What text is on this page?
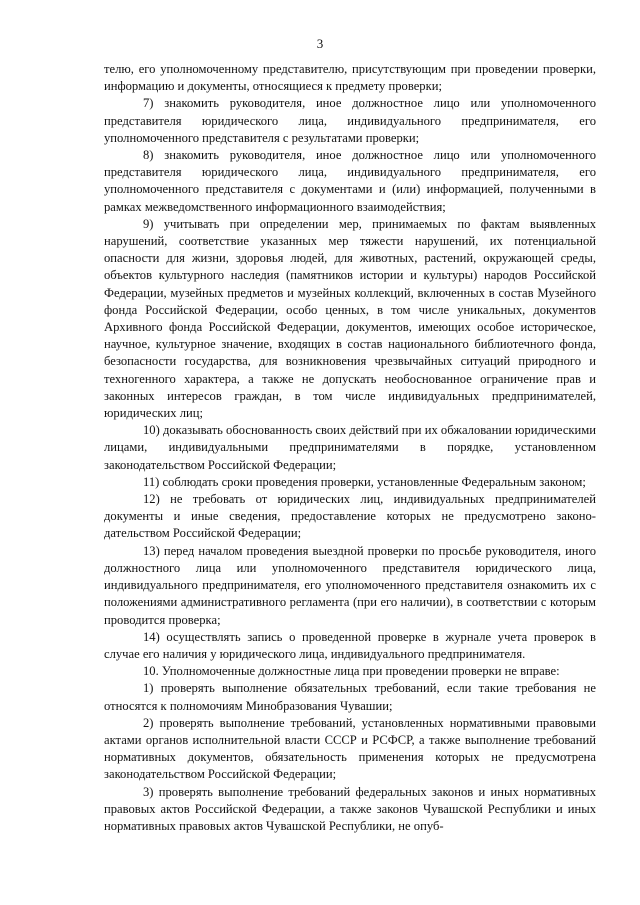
3

телю, его уполномоченному представителю, присутствующим при проведении проверки, информацию и документы, относящиеся к предмету проверки;

7) знакомить руководителя, иное должностное лицо или уполномоченного представителя юридического лица, индивидуального предпринимателя, его уполномоченного представителя с результатами проверки;

8) знакомить руководителя, иное должностное лицо или уполномоченного представителя юридического лица, индивидуального предпринимателя, его уполномоченного представителя с документами и (или) информацией, полученными в рамках межведомственного информационного взаимодействия;

9) учитывать при определении мер, принимаемых по фактам выявленных нарушений, соответствие указанных мер тяжести нарушений, их потенциальной опасности для жизни, здоровья людей, для животных, растений, окружающей среды, объектов культурного наследия (памятников истории и культуры) народов Российской Федерации, музейных предметов и музейных коллекций, включенных в состав Музейного фонда Российской Федерации, особо ценных, в том числе уникальных, документов Архивного фонда Российской Федерации, документов, имеющих особое историческое, научное, культурное значение, входящих в состав национального библиотечного фонда, безопасности государства, для возникновения чрезвычайных ситуаций природного и техногенного характера, а также не допускать необоснованное ограничение прав и законных интересов граждан, в том числе индивидуальных предпринимателей, юридических лиц;

10) доказывать обоснованность своих действий при их обжаловании юридическими лицами, индивидуальными предпринимателями в порядке, установленном законодательством Российской Федерации;

11) соблюдать сроки проведения проверки, установленные Федеральным законом;

12) не требовать от юридических лиц, индивидуальных предпринимателей документы и иные сведения, предоставление которых не предусмотрено законодательством Российской Федерации;

13) перед началом проведения выездной проверки по просьбе руководителя, иного должностного лица или уполномоченного представителя юридического лица, индивидуального предпринимателя, его уполномоченного представителя ознакомить их с положениями административного регламента (при его наличии), в соответствии с которым проводится проверка;

14) осуществлять запись о проведенной проверке в журнале учета проверок в случае его наличия у юридического лица, индивидуального предпринимателя.

10. Уполномоченные должностные лица при проведении проверки не вправе:

1) проверять выполнение обязательных требований, если такие требования не относятся к полномочиям Минобразования Чувашии;

2) проверять выполнение требований, установленных нормативными правовыми актами органов исполнительной власти СССР и РСФСР, а также выполнение требований нормативных документов, обязательность применения которых не предусмотрена законодательством Российской Федерации;

3) проверять выполнение требований федеральных законов и иных нормативных правовых актов Российской Федерации, а также законов Чувашской Республики и иных нормативных правовых актов Чувашской Республики, не опуб-
